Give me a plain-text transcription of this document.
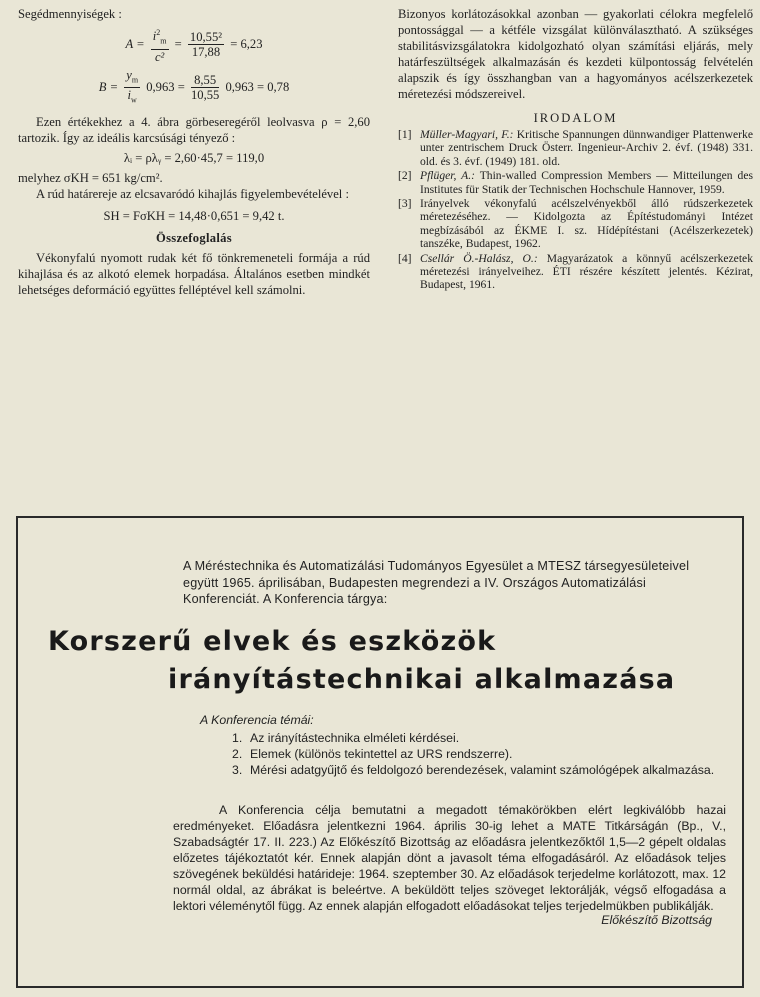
Segédmennyiségek :

$A = \frac{i^2_m}{\text{c²}} = \frac{\text{10,55²}}{17,88} = 6,23$
$B = \frac{y_m}{i_w} 0,963 = \frac{8,55}{10,55} 0,963 = 0,78$

Ezen értékekhez a 4. ábra görbeseregéről leolvasva ρ = 2,60 tartozik. Így az ideális karcsúsági tényező :

λᵢ = ρλᵧ = 2,60·45,7 = 119,0

melyhez σKH = 651 kg/cm².

A rúd határereje az elcsavaródó kihajlás figyelembevételével :

SH = FσKH = 14,48·0,651 = 9,42 t.

Összefoglalás

Vékonyfalú nyomott rudak két fő tönkremeneteli formája a rúd kihajlása és az alkotó elemek horpadása. Általános esetben mindkét lehetséges deformáció együttes felléptével kell számolni.

Bizonyos korlátozásokkal azonban — gyakorlati célokra megfelelő pontossággal — a kétféle vizsgálat különválasztható. A szükséges stabilitásvizsgálatokra kidolgozható olyan számítási eljárás, mely határfeszültségek alkalmazásán és kezdeti külpontosság felvételén alapszik és így összhangban van a hagyományos acélszerkezetek méretezési módszereivel.

IRODALOM

[1] Müller-Magyari, F.: Kritische Spannungen dünnwandiger Plattenwerke unter zentrischem Druck Österr. Ingenieur-Archiv 2. évf. (1948) 331. old. és 3. évf. (1949) 181. old.
[2] Pflüger, A.: Thin-walled Compression Members — Mitteilungen des Institutes für Statik der Technischen Hochschule Hannover, 1959.
[3] Irányelvek vékonyfalú acélszelvényekből álló rúdszerkezetek méretezéséhez. — Kidolgozta az Építéstudományi Intézet megbízásából az ÉKME I. sz. Hídépítéstani (Acélszerkezetek) tanszéke, Budapest, 1962.
[4] Csellár Ö.-Halász, O.: Magyarázatok a könnyű acélszerkezetek méretezési irányelveihez. ÉTI részére készített jelentés. Kézirat, Budapest, 1961.

A Méréstechnika és Automatizálási Tudományos Egyesület a MTESZ társegyesületeivel együtt 1965. áprilisában, Budapesten megrendezi a IV. Országos Automatizálási Konferenciát. A Konferencia tárgya:

Korszerű elvek és eszközök
irányítástechnikai alkalmazása
A Konferencia témái:
1. Az irányítástechnika elméleti kérdései.
2. Elemek (különös tekintettel az URS rendszerre).
3. Mérési adatgyűjtő és feldolgozó berendezések, valamint számológépek alkalmazása.

A Konferencia célja bemutatni a megadott témakörökben elért legkiválóbb hazai eredményeket. Előadásra jelentkezni 1964. április 30-ig lehet a MATE Titkárságán (Bp., V., Szabadságtér 17. II. 223.) Az Előkészítő Bizottság az előadásra jelentkezőktől 1,5—2 gépelt oldalas előzetes tájékoztatót kér. Ennek alapján dönt a javasolt téma elfogadásáról. Az előadások teljes szövegének beküldési határideje: 1964. szeptember 30. Az előadások terjedelme korlátozott, max. 12 normál oldal, az ábrákat is beleértve. A beküldött teljes szöveget lektorálják, végső elfogadása a lektori véleménytől függ. Az ennek alapján elfogadott előadásokat teljes terjedelmükben publikálják.

Előkészítő Bizottság
